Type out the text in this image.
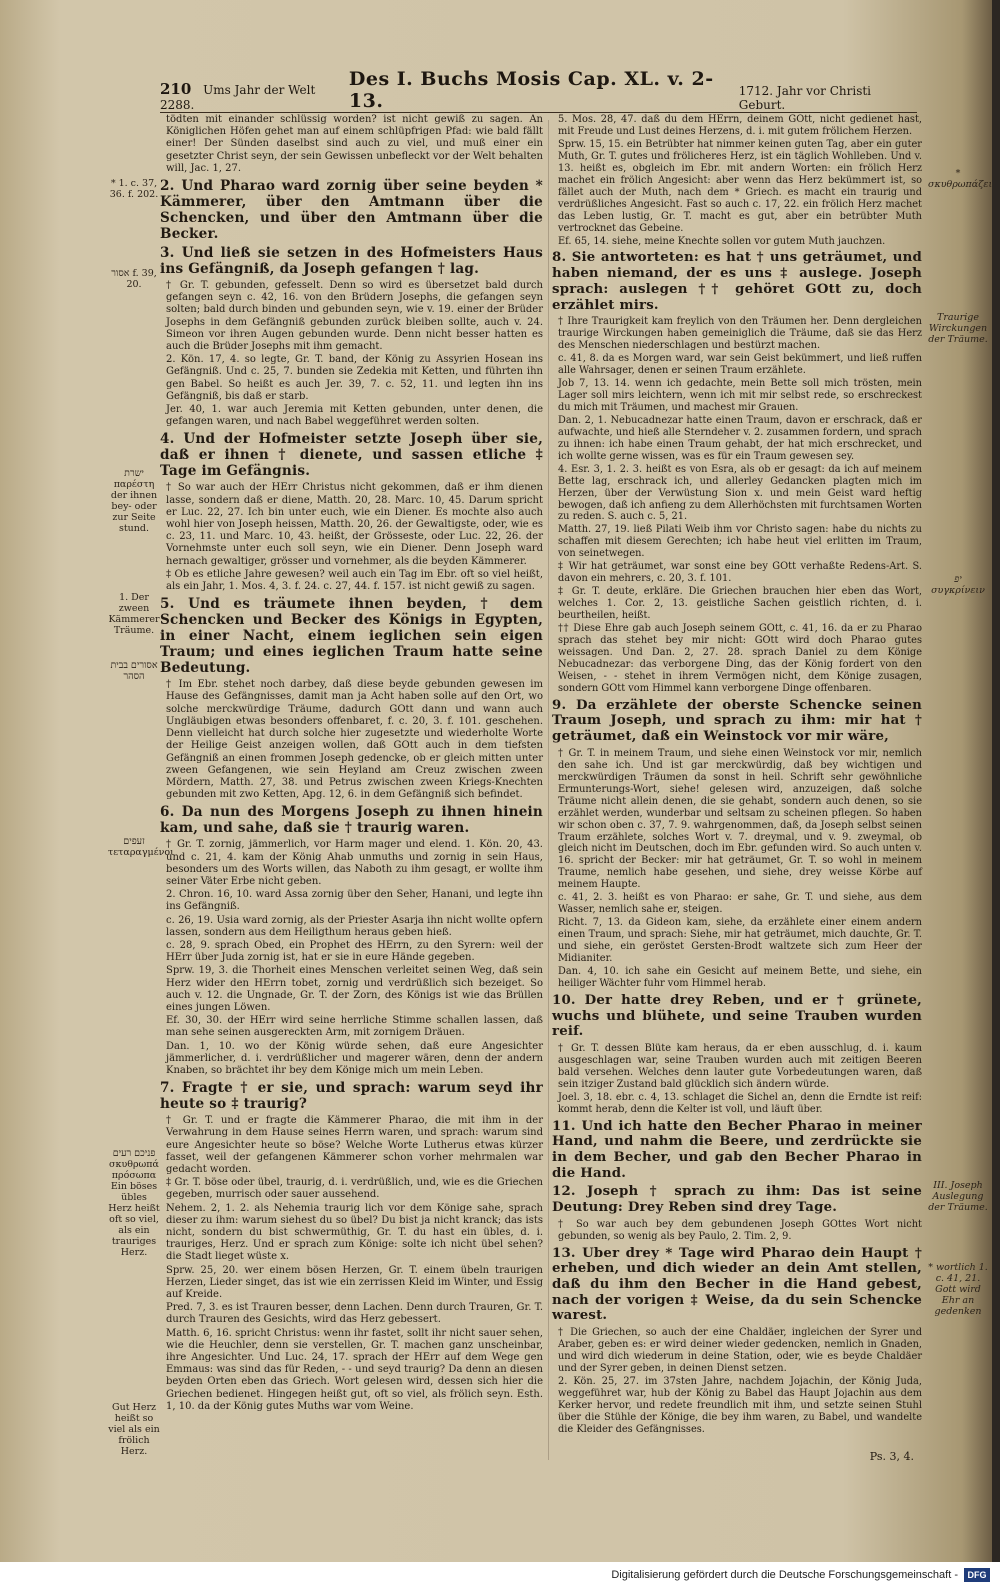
210 Ums Jahr der Welt 2288.
Des I. Buchs Mosis Cap. XL. v. 2-13.	1712. Jahr vor Christi Geburt.

tödten mit einander schlüssig worden? ist nicht gewiß zu sagen. An Königlichen Höfen gehet man auf einem schlüpfrigen Pfad: wie bald fällt einer! Der Sünden daselbst sind auch zu viel, und muß einer ein gesetzter Christ seyn, der sein Gewissen unbefleckt vor der Welt behalten will, Jac. 1, 27.

2. Und Pharao ward zornig über seine beyden * Kämmerer, über den Amtmann über die Schencken, und über den Amtmann über die Becker.

3. Und ließ sie setzen in des Hofmeisters Haus ins Gefängniß, da Joseph gefangen † lag.

† Gr. T. gebunden, gefesselt. Denn so wird es übersetzet bald durch gefangen seyn c. 42, 16. von den Brüdern Josephs, die gefangen seyn solten; bald durch binden und gebunden seyn, wie v. 19. einer der Brüder Josephs in dem Gefängniß gebunden zurück bleiben sollte, auch v. 24. Simeon vor ihren Augen gebunden wurde. Denn nicht besser hatten es auch die Brüder Josephs mit ihm gemacht.

2. Kön. 17, 4. so legte, Gr. T. band, der König zu Assyrien Hosean ins Gefängniß. Und c. 25, 7. bunden sie Zedekia mit Ketten, und führten ihn gen Babel. So heißt es auch Jer. 39, 7. c. 52, 11. und legten ihn ins Gefängniß, bis daß er starb.

Jer. 40, 1. war auch Jeremia mit Ketten gebunden, unter denen, die gefangen waren, und nach Babel weggeführet werden solten.

4. Und der Hofmeister setzte Joseph über sie, daß er ihnen † dienete, und sassen etliche ‡ Tage im Gefängnis.

† So war auch der HErr Christus nicht gekommen, daß er ihm dienen lasse, sondern daß er diene, Matth. 20, 28. Marc. 10, 45. Darum spricht er Luc. 22, 27. Ich bin unter euch, wie ein Diener. Es mochte also auch wohl hier von Joseph heissen, Matth. 20, 26. der Gewaltigste, oder, wie es c. 23, 11. und Marc. 10, 43. heißt, der Grösseste, oder Luc. 22, 26. der Vornehmste unter euch soll seyn, wie ein Diener. Denn Joseph ward hernach gewaltiger, grösser und vornehmer, als die beyden Kämmerer.

‡ Ob es etliche Jahre gewesen? weil auch ein Tag im Ebr. oft so viel heißt, als ein Jahr, 1. Mos. 4, 3. f. 24. c. 27, 44. f. 157. ist nicht gewiß zu sagen.

5. Und es träumete ihnen beyden, † dem Schencken und Becker des Königs in Egypten, in einer Nacht, einem ieglichen sein eigen Traum; und eines ieglichen Traum hatte seine Bedeutung.

† Im Ebr. stehet noch darbey, daß diese beyde gebunden gewesen im Hause des Gefängnisses, damit man ja Acht haben solle auf den Ort, wo solche merckwürdige Träume, dadurch GOtt dann und wann auch Ungläubigen etwas besonders offenbaret, f. c. 20, 3. f. 101. geschehen. Denn vielleicht hat durch solche hier zugesetzte und wiederholte Worte der Heilige Geist anzeigen wollen, daß GOtt auch in dem tiefsten Gefängniß an einen frommen Joseph gedencke, ob er gleich mitten unter zween Gefangenen, wie sein Heyland am Creuz zwischen zween Mördern, Matth. 27, 38. und Petrus zwischen zween Kriegs-Knechten gebunden mit zwo Ketten, Apg. 12, 6. in dem Gefängniß sich befindet.

6. Da nun des Morgens Joseph zu ihnen hinein kam, und sahe, daß sie † traurig waren.

† Gr. T. zornig, jämmerlich, vor Harm mager und elend. 1. Kön. 20, 43. und c. 21, 4. kam der König Ahab unmuths und zornig in sein Haus, besonders um des Worts willen, das Naboth zu ihm gesagt, er wollte ihm seiner Väter Erbe nicht geben.

2. Chron. 16, 10. ward Assa zornig über den Seher, Hanani, und legte ihn ins Gefängniß.

c. 26, 19. Usia ward zornig, als der Priester Asarja ihn nicht wollte opfern lassen, sondern aus dem Heiligthum heraus geben hieß.

c. 28, 9. sprach Obed, ein Prophet des HErrn, zu den Syrern: weil der HErr über Juda zornig ist, hat er sie in eure Hände gegeben.

Sprw. 19, 3. die Thorheit eines Menschen verleitet seinen Weg, daß sein Herz wider den HErrn tobet, zornig und verdrüßlich sich bezeiget. So auch v. 12. die Ungnade, Gr. T. der Zorn, des Königs ist wie das Brüllen eines jungen Löwen.

Ef. 30, 30. der HErr wird seine herrliche Stimme schallen lassen, daß man sehe seinen ausgereckten Arm, mit zornigem Dräuen.

Dan. 1, 10. wo der König würde sehen, daß eure Angesichter jämmerlicher, d. i. verdrüßlicher und magerer wären, denn der andern Knaben, so brächtet ihr bey dem Könige mich um mein Leben.

7. Fragte † er sie, und sprach: warum seyd ihr heute so ‡ traurig?

† Gr. T. und er fragte die Kämmerer Pharao, die mit ihm in der Verwahrung in dem Hause seines Herrn waren, und sprach: warum sind eure Angesichter heute so böse? Welche Worte Lutherus etwas kürzer fasset, weil der gefangenen Kämmerer schon vorher mehrmalen war gedacht worden.

‡ Gr. T. böse oder übel, traurig, d. i. verdrüßlich, und, wie es die Griechen gegeben, murrisch oder sauer aussehend.

Nehem. 2, 1. 2. als Nehemia traurig lich vor dem Könige sahe, sprach dieser zu ihm: warum siehest du so übel? Du bist ja nicht kranck; das ists nicht, sondern du bist schwermüthig, Gr. T. du hast ein übles, d. i. trauriges, Herz. Und er sprach zum Könige: solte ich nicht übel sehen? die Stadt lieget wüste x.

Sprw. 25, 20. wer einem bösen Herzen, Gr. T. einem übeln traurigen Herzen, Lieder singet, das ist wie ein zerrissen Kleid im Winter, und Essig auf Kreide.

Pred. 7, 3. es ist Trauren besser, denn Lachen. Denn durch Trauren, Gr. T. durch Trauren des Gesichts, wird das Herz gebessert.

Matth. 6, 16. spricht Christus: wenn ihr fastet, sollt ihr nicht sauer sehen, wie die Heuchler, denn sie verstellen, Gr. T. machen ganz unscheinbar, ihre Angesichter. Und Luc. 24, 17. sprach der HErr auf dem Wege gen Emmaus: was sind das für Reden, - - und seyd traurig? Da denn an diesen beyden Orten eben das Griech. Wort gelesen wird, dessen sich hier die Griechen bedienet. Hingegen heißt gut, oft so viel, als frölich seyn. Esth. 1, 10. da der König gutes Muths war vom Weine.

5. Mos. 28, 47. daß du dem HErrn, deinem GOtt, nicht gedienet hast, mit Freude und Lust deines Herzens, d. i. mit gutem frölichem Herzen.

Sprw. 15, 15. ein Betrübter hat nimmer keinen guten Tag, aber ein guter Muth, Gr. T. gutes und frölicheres Herz, ist ein täglich Wohlleben. Und v. 13. heißt es, obgleich im Ebr. mit andern Worten: ein frölich Herz machet ein frölich Angesicht: aber wenn das Herz bekümmert ist, so fället auch der Muth, nach dem * Griech. es macht ein traurig und verdrüßliches Angesicht. Fast so auch c. 17, 22. ein frölich Herz machet das Leben lustig, Gr. T. macht es gut, aber ein betrübter Muth vertrocknet das Gebeine.

Ef. 65, 14. siehe, meine Knechte sollen vor gutem Muth jauchzen.

8. Sie antworteten: es hat † uns geträumet, und haben niemand, der es uns ‡ auslege. Joseph sprach: auslegen †† gehöret GOtt zu, doch erzählet mirs.

† Ihre Traurigkeit kam freylich von den Träumen her. Denn dergleichen traurige Wirckungen haben gemeiniglich die Träume, daß sie das Herz des Menschen niederschlagen und bestürzt machen.

c. 41, 8. da es Morgen ward, war sein Geist bekümmert, und ließ ruffen alle Wahrsager, denen er seinen Traum erzählete.

Job 7, 13. 14. wenn ich gedachte, mein Bette soll mich trösten, mein Lager soll mirs leichtern, wenn ich mit mir selbst rede, so erschreckest du mich mit Träumen, und machest mir Grauen.

Dan. 2, 1. Nebucadnezar hatte einen Traum, davon er erschrack, daß er aufwachte, und hieß alle Sterndeher v. 2. zusammen fordern, und sprach zu ihnen: ich habe einen Traum gehabt, der hat mich erschrecket, und ich wollte gerne wissen, was es für ein Traum gewesen sey.

4. Esr. 3, 1. 2. 3. heißt es von Esra, als ob er gesagt: da ich auf meinem Bette lag, erschrack ich, und allerley Gedancken plagten mich im Herzen, über der Verwüstung Sion x. und mein Geist ward heftig bewogen, daß ich anfieng zu dem Allerhöchsten mit furchtsamen Worten zu reden. S. auch c. 5, 21.

Matth. 27, 19. ließ Pilati Weib ihm vor Christo sagen: habe du nichts zu schaffen mit diesem Gerechten; ich habe heut viel erlitten im Traum, von seinetwegen.

‡ Wir hat geträumet, war sonst eine bey GOtt verhaßte Redens-Art. S. davon ein mehrers, c. 20, 3. f. 101.

‡ Gr. T. deute, erkläre. Die Griechen brauchen hier eben das Wort, welches 1. Cor. 2, 13. geistliche Sachen geistlich richten, d. i. beurtheilen, heißt.

†† Diese Ehre gab auch Joseph seinem GOtt, c. 41, 16. da er zu Pharao sprach das stehet bey mir nicht: GOtt wird doch Pharao gutes weissagen. Und Dan. 2, 27. 28. sprach Daniel zu dem Könige Nebucadnezar: das verborgene Ding, das der König fordert von den Weisen, - - stehet in ihrem Vermögen nicht, dem Könige zusagen, sondern GOtt vom Himmel kann verborgene Dinge offenbaren.

9. Da erzählete der oberste Schencke seinen Traum Joseph, und sprach zu ihm: mir hat † geträumet, daß ein Weinstock vor mir wäre,

† Gr. T. in meinem Traum, und siehe einen Weinstock vor mir, nemlich den sahe ich. Und ist gar merckwürdig, daß bey wichtigen und merckwürdigen Träumen da sonst in heil. Schrift sehr gewöhnliche Ermunterungs-Wort, siehe! gelesen wird, anzuzeigen, daß solche Träume nicht allein denen, die sie gehabt, sondern auch denen, so sie erzählet werden, wunderbar und seltsam zu scheinen pflegen. So haben wir schon oben c. 37, 7. 9. wahrgenommen, daß, da Joseph selbst seinen Traum erzählete, solches Wort v. 7. dreymal, und v. 9. zweymal, ob gleich nicht im Deutschen, doch im Ebr. gefunden wird. So auch unten v. 16. spricht der Becker: mir hat geträumet, Gr. T. so wohl in meinem Traume, nemlich habe gesehen, und siehe, drey weisse Körbe auf meinem Haupte.

c. 41, 2. 3. heißt es von Pharao: er sahe, Gr. T. und siehe, aus dem Wasser, nemlich sahe er, steigen.

Richt. 7, 13. da Gideon kam, siehe, da erzählete einer einem andern einen Traum, und sprach: Siehe, mir hat geträumet, mich dauchte, Gr. T. und siehe, ein geröstet Gersten-Brodt waltzete sich zum Heer der Midianiter.

Dan. 4, 10. ich sahe ein Gesicht auf meinem Bette, und siehe, ein heiliger Wächter fuhr vom Himmel herab.

10. Der hatte drey Reben, und er † grünete, wuchs und blühete, und seine Trauben wurden reif.

† Gr. T. dessen Blüte kam heraus, da er eben ausschlug, d. i. kaum ausgeschlagen war, seine Trauben wurden auch mit zeitigen Beeren bald versehen. Welches denn lauter gute Vorbedeutungen waren, daß sein itziger Zustand bald glücklich sich ändern würde.

Joel. 3, 18. ebr. c. 4, 13. schlaget die Sichel an, denn die Erndte ist reif: kommt herab, denn die Kelter ist voll, und läuft über.

11. Und ich hatte den Becher Pharao in meiner Hand, und nahm die Beere, und zerdrückte sie in dem Becher, und gab den Becher Pharao in die Hand.

12. Joseph † sprach zu ihm: Das ist seine Deutung: Drey Reben sind drey Tage.

† So war auch bey dem gebundenen Joseph GOttes Wort nicht gebunden, so wenig als bey Paulo, 2. Tim. 2, 9.

13. Uber drey * Tage wird Pharao dein Haupt † erheben, und dich wieder an dein Amt stellen, daß du ihm den Becher in die Hand gebest, nach der vorigen ‡ Weise, da du sein Schencke warest.

† Die Griechen, so auch der eine Chaldäer, ingleichen der Syrer und Araber, geben es: er wird deiner wieder gedencken, nemlich in Gnaden, und wird dich wiederum in deine Station, oder, wie es beyde Chaldäer und der Syrer geben, in deinen Dienst setzen.

2. Kön. 25, 27. im 37sten Jahre, nachdem Jojachin, der König Juda, weggeführet war, hub der König zu Babel das Haupt Jojachin aus dem Kerker hervor, und redete freundlich mit ihm, und setzte seinen Stuhl über die Stühle der Könige, die bey ihm waren, zu Babel, und wandelte die Kleider des Gefängnisses.

* 1. c. 37, 36. f. 202.
אסור f. 39, 20.
ישרת παρέστη der ihnen bey- oder zur Seite stund.
1. Der zween Kämmerer Träume.
אסורים בבית הסהר
זעפים τεταραγμένοι
פניכם רעים σκυθρωπά πρόσωπα Ein böses übles Herz heißt oft so viel, als ein trauriges Herz.
Gut Herz heißt so viel als ein frölich Herz.
* σκυθρωπάζει
Traurige Wirckungen der Träume.
יפ συγκρίνειν
III. Joseph Auslegung der Träume.
* wortlich 1. c. 41, 21. Gott wird Ehr an gedenken
Ps. 3, 4.
Digitalisierung gefördert durch die Deutsche Forschungsgemeinschaft -	DFG
